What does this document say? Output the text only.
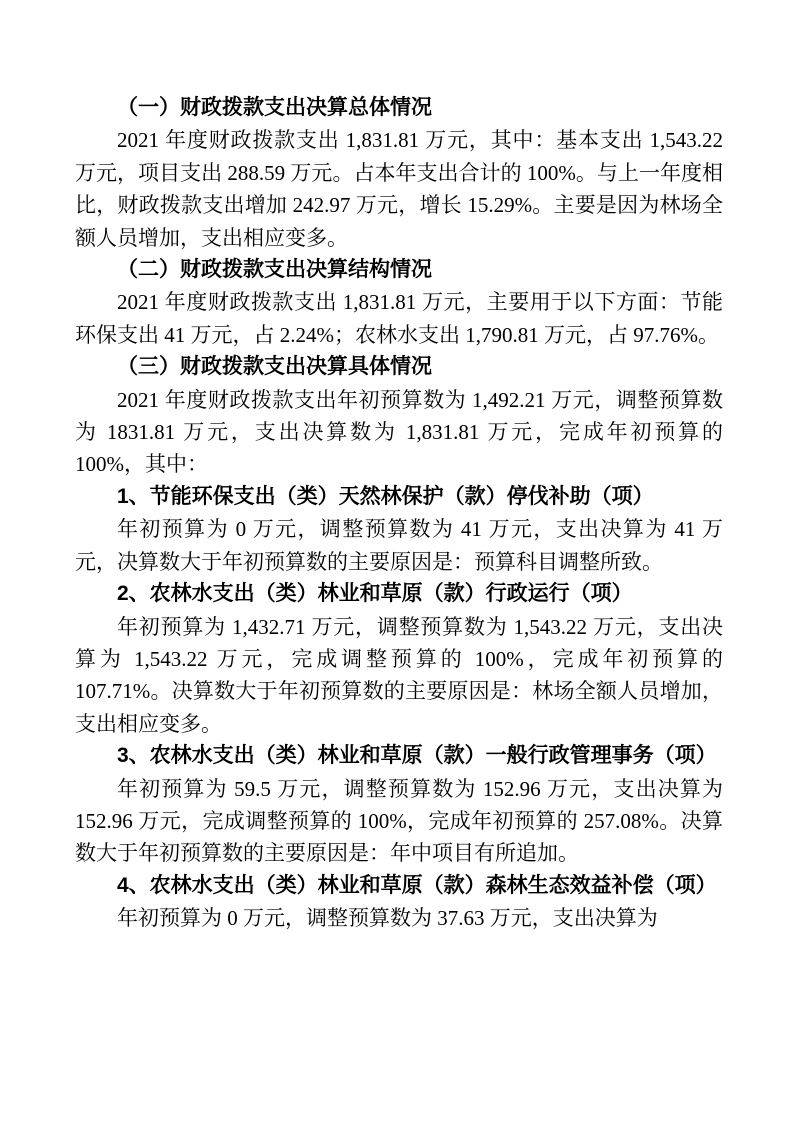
（一）财政拨款支出决算总体情况

2021 年度财政拨款支出 1,831.81 万元，其中：基本支出 1,543.22 万元，项目支出 288.59 万元。占本年支出合计的 100%。与上一年度相比，财政拨款支出增加 242.97 万元，增长 15.29%。主要是因为林场全额人员增加，支出相应变多。

（二）财政拨款支出决算结构情况

2021 年度财政拨款支出 1,831.81 万元，主要用于以下方面：节能环保支出 41 万元，占 2.24%；农林水支出 1,790.81 万元，占 97.76%。

（三）财政拨款支出决算具体情况

2021 年度财政拨款支出年初预算数为 1,492.21 万元，调整预算数为 1831.81 万元，支出决算数为 1,831.81 万元，完成年初预算的 100%，其中：

1、节能环保支出（类）天然林保护（款）停伐补助（项）

年初预算为 0 万元，调整预算数为 41 万元，支出决算为 41 万元，决算数大于年初预算数的主要原因是：预算科目调整所致。

2、农林水支出（类）林业和草原（款）行政运行（项）

年初预算为 1,432.71 万元，调整预算数为 1,543.22 万元，支出决算为 1,543.22 万元，完成调整预算的 100%，完成年初预算的 107.71%。决算数大于年初预算数的主要原因是：林场全额人员增加，支出相应变多。

3、农林水支出（类）林业和草原（款）一般行政管理事务（项）

年初预算为 59.5 万元，调整预算数为 152.96 万元，支出决算为 152.96 万元，完成调整预算的 100%，完成年初预算的 257.08%。决算数大于年初预算数的主要原因是：年中项目有所追加。

4、农林水支出（类）林业和草原（款）森林生态效益补偿（项）

年初预算为 0 万元，调整预算数为 37.63 万元，支出决算为
